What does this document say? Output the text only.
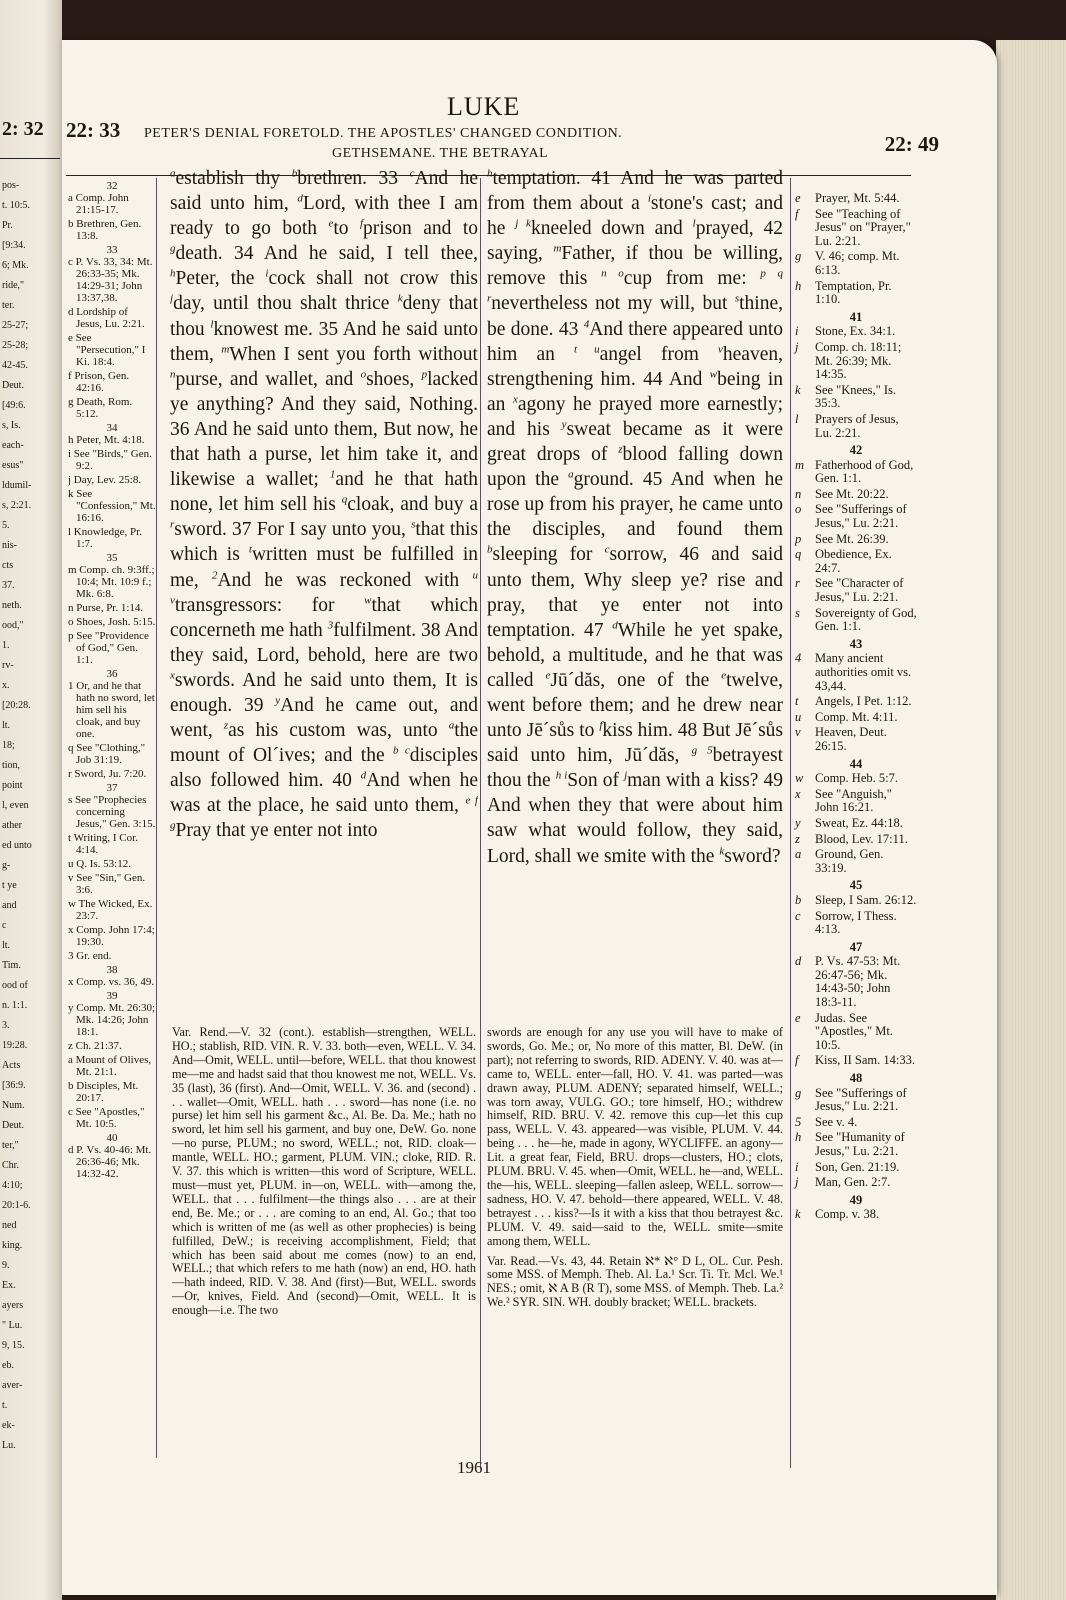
2: 32
pos-
t. 10:5.
Pr.
[9:34.
6; Mk.
ride,"
ter.
25-27;
25-28;
42-45.
Deut.
[49:6.
s, Is.
each-
esus"
ldumil-
s, 2:21.
5.
nis-
cts
37.
neth.
ood,"
1.
rv-
x.
[20:28.
lt.
18;
tion,
point
l, even
ather
ed unto
g-
t ye
and
c
lt.
Tim.
ood of
n. 1:1.
3.
19:28.
Acts
[36:9.
Num.
Deut.
ter,"
Chr.
4:10;
20:1-6.
ned
king.
9.
Ex.
ayers
" Lu.
9, 15.
eb.
aver-
t.
ek-
Lu.
22: 33 PETER'S DENIAL FORETOLD. THE APOSTLES' CHANGED CONDITION.
LUKE
GETHSEMANE. THE BETRAYAL	22: 49
32
a Comp. John 21:15-17.
b Brethren, Gen. 13:8.
33
c P. Vs. 33, 34: Mt. 26:33-35; Mk. 14:29-31; John 13:37,38.
d Lordship of Jesus, Lu. 2:21.
e See "Persecution," I Ki. 18:4.
f Prison, Gen. 42:16.
g Death, Rom. 5:12.
34
h Peter, Mt. 4:18.
i See "Birds," Gen. 9:2.
j Day, Lev. 25:8.
k See "Confession," Mt. 16:16.
l Knowledge, Pr. 1:7.
35
m Comp. ch. 9:3ff.; 10:4; Mt. 10:9 f.; Mk. 6:8.
n Purse, Pr. 1:14.
o Shoes, Josh. 5:15.
p See "Providence of God," Gen. 1:1.
36
1 Or, and he that hath no sword, let him sell his cloak, and buy one.
q See "Clothing," Job 31:19.
r Sword, Ju. 7:20.
37
s See "Prophecies concerning Jesus," Gen. 3:15.
t Writing, I Cor. 4:14.
u Q. Is. 53:12.
v See "Sin," Gen. 3:6.
w The Wicked, Ex. 23:7.
x Comp. John 17:4; 19:30.
3 Gr. end.
38
x Comp. vs. 36, 49.
39
y Comp. Mt. 26:30; Mk. 14:26; John 18:1.
z Ch. 21:37.
a Mount of Olives, Mt. 21:1.
b Disciples, Mt. 20:17.
c See "Apostles," Mt. 10:5.
40
d P. Vs. 40-46: Mt. 26:36-46; Mk. 14:32-42.
$^a$establish thy $^b$brethren. 33 $^c$And he said unto him, $^d$Lord, with thee I am ready to go both $^e$to $^f$prison and to $^g$death. 34 And he said, I tell thee, $^h$Peter, the $^i$cock shall not crow this $^j$day, until thou shalt thrice $^k$deny that thou $^l$knowest me. 35 And he said unto them, $^m$When I sent you forth without $^n$purse, and wallet, and $^o$shoes, $^p$lacked ye anything? And they said, Nothing. 36 And he said unto them, But now, he that hath a purse, let him take it, and likewise a wallet; $^1$and he that hath none, let him sell his $^q$cloak, and buy a $^r$sword. 37 For I say unto you, $^s$that this which is $^t$written must be fulfilled in me, $^2$And he was reckoned with $^{u v}$transgressors: for $^w$that which concerneth me hath $^3$fulfilment. 38 And they said, Lord, behold, here are two $^x$swords. And he said unto them, It is enough. 39 $^y$And he came out, and went, $^z$as his custom was, unto $^a$the mount of Ol´ives; and the $^{b c}$disciples also followed him. 40 $^d$And when he was at the place, he said unto them, $^{e f g}$Pray that ye enter not into
$^h$temptation. 41 And he was parted from them about a $^i$stone's cast; and he $^{j k}$kneeled down and $^l$prayed, 42 saying, $^m$Father, if thou be willing, remove this $^{n o}$cup from me: $^{p q r}$nevertheless not my will, but $^s$thine, be done. 43 $^4$And there appeared unto him an $^{t u}$angel from $^v$heaven, strengthening him. 44 And $^w$being in an $^x$agony he prayed more earnestly; and his $^y$sweat became as it were great drops of $^z$blood falling down upon the $^a$ground. 45 And when he rose up from his prayer, he came unto the disciples, and found them $^b$sleeping for $^c$sorrow, 46 and said unto them, Why sleep ye? rise and pray, that ye enter not into temptation. 47 $^d$While he yet spake, behold, a multitude, and he that was called $^e$Jū´dăs, one of the $^e$twelve, went before them; and he drew near unto Jē´sůs to $^f$kiss him. 48 But Jē´sůs said unto him, Jū´dăs, $^{g 5}$betrayest thou the $^{h i}$Son of $^j$man with a kiss? 49 And when they that were about him saw what would follow, they said, Lord, shall we smite with the $^k$sword?
Var. Rend.—V. 32 (cont.). establish—strengthen, WELL. HO.; stablish, RID. VIN. R. V. 33. both—even, WELL. V. 34. And—Omit, WELL. until—before, WELL. that thou knowest me—me and hadst said that thou knowest me not, WELL. Vs. 35 (last), 36 (first). And—Omit, WELL. V. 36. and (second) . . . wallet—Omit, WELL. hath . . . sword—has none (i.e. no purse) let him sell his garment &c., Al. Be. Da. Me.; hath no sword, let him sell his garment, and buy one, DeW. Go. none—no purse, PLUM.; no sword, WELL.; not, RID. cloak—mantle, WELL. HO.; garment, PLUM. VIN.; cloke, RID. R. V. 37. this which is written—this word of Scripture, WELL. must—must yet, PLUM. in—on, WELL. with—among the, WELL. that . . . fulfilment—the things also . . . are at their end, Be. Me.; or . . . are coming to an end, Al. Go.; that too which is written of me (as well as other prophecies) is being fulfilled, DeW.; is receiving accomplishment, Field; that which has been said about me comes (now) to an end, WELL.; that which refers to me hath (now) an end, HO. hath—hath indeed, RID. V. 38. And (first)—But, WELL. swords—Or, knives, Field. And (second)—Omit, WELL. It is enough—i.e. The two
swords are enough for any use you will have to make of swords, Go. Me.; or, No more of this matter, Bl. DeW. (in part); not referring to swords, RID. ADENY. V. 40. was at—came to, WELL. enter—fall, HO. V. 41. was parted—was drawn away, PLUM. ADENY; separated himself, WELL.; was torn away, VULG. GO.; tore himself, HO.; withdrew himself, RID. BRU. V. 42. remove this cup—let this cup pass, WELL. V. 43. appeared—was visible, PLUM. V. 44. being . . . he—he, made in agony, WYCLIFFE. an agony—Lit. a great fear, Field, BRU. drops—clusters, HO.; clots, PLUM. BRU. V. 45. when—Omit, WELL. he—and, WELL. the—his, WELL. sleeping—fallen asleep, WELL. sorrow—sadness, HO. V. 47. behold—there appeared, WELL. V. 48. betrayest . . . kiss?—Is it with a kiss that thou betrayest &c. PLUM. V. 49. said—said to the, WELL. smite—smite among them, WELL.
Var. Read.—Vs. 43, 44. Retain ℵ* ℵ° D L, OL. Cur. Pesh. some MSS. of Memph. Theb. Al. La.¹ Scr. Ti. Tr. Mcl. We.¹ NES.; omit, ℵ A B (R T), some MSS. of Memph. Theb. La.² We.² SYR. SIN. WH. doubly bracket; WELL. brackets.
e	Prayer, Mt. 5:44.
f	See "Teaching of Jesus" on "Prayer," Lu. 2:21.
g	V. 46; comp. Mt. 6:13.
h	Temptation, Pr. 1:10.
41
i	Stone, Ex. 34:1.
j	Comp. ch. 18:11; Mt. 26:39; Mk. 14:35.
k	See "Knees," Is. 35:3.
l	Prayers of Jesus, Lu. 2:21.
42
m Fatherhood of God, Gen. 1:1.
n	See Mt. 20:22.
o	See "Sufferings of Jesus," Lu. 2:21.
p	See Mt. 26:39.
q	Obedience, Ex. 24:7.
r	See "Character of Jesus," Lu. 2:21.
s	Sovereignty of God, Gen. 1:1.
43
4	Many ancient authorities omit vs. 43,44.
t	Angels, I Pet. 1:12.
u	Comp. Mt. 4:11.
v	Heaven, Deut. 26:15.
44
w Comp. Heb. 5:7.
x	See "Anguish," John 16:21.
y	Sweat, Ez. 44:18.
z	Blood, Lev. 17:11.
a	Ground, Gen. 33:19.
45
b	Sleep, I Sam. 26:12.
c	Sorrow, I Thess. 4:13.
47
d	P. Vs. 47-53: Mt. 26:47-56; Mk. 14:43-50; John 18:3-11.
e	Judas. See "Apostles," Mt. 10:5.
f	Kiss, II Sam. 14:33.
48
g	See "Sufferings of Jesus," Lu. 2:21.
5	See v. 4.
h	See "Humanity of Jesus," Lu. 2:21.
i	Son, Gen. 21:19.
j	Man, Gen. 2:7.
49
k	Comp. v. 38.
1961
